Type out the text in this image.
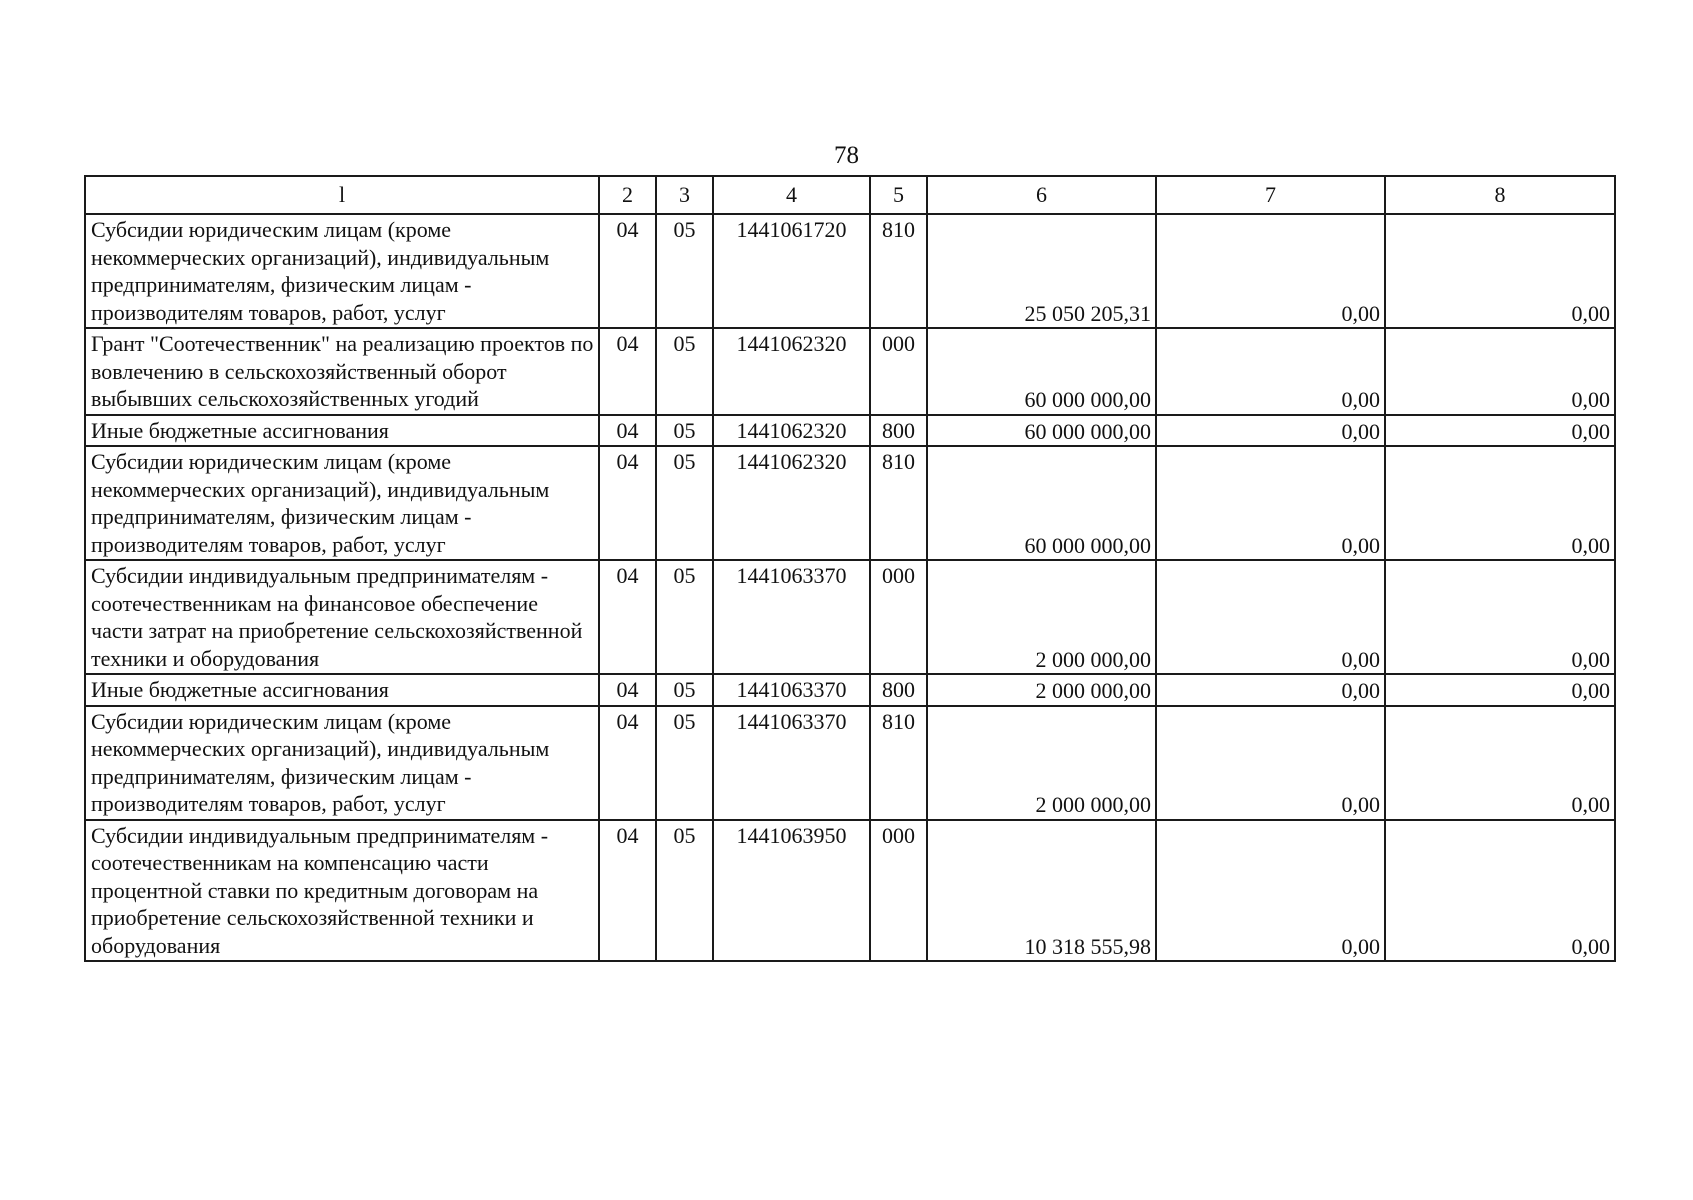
78
l	2	3	4	5	6	7	8
Субсидии юридическим лицам (кроме некоммерческих организаций), индивидуальным предпринимателям, физическим лицам - производителям товаров, работ, услуг	04	05	1441061720	810	25 050 205,31	0,00	0,00
Грант "Соотечественник" на реализацию проектов по вовлечению в сельскохозяйственный оборот выбывших сельскохозяйственных угодий	04	05	1441062320	000	60 000 000,00	0,00	0,00
Иные бюджетные ассигнования	04	05	1441062320	800	60 000 000,00	0,00	0,00
Субсидии юридическим лицам (кроме некоммерческих организаций), индивидуальным предпринимателям, физическим лицам - производителям товаров, работ, услуг	04	05	1441062320	810	60 000 000,00	0,00	0,00
Субсидии индивидуальным предпринимателям - соотечественникам на финансовое обеспечение части затрат на приобретение сельскохозяйственной техники и оборудования	04	05	1441063370	000	2 000 000,00	0,00	0,00
Иные бюджетные ассигнования	04	05	1441063370	800	2 000 000,00	0,00	0,00
Субсидии юридическим лицам (кроме некоммерческих организаций), индивидуальным предпринимателям, физическим лицам - производителям товаров, работ, услуг	04	05	1441063370	810	2 000 000,00	0,00	0,00
Субсидии индивидуальным предпринимателям - соотечественникам на компенсацию части процентной ставки по кредитным договорам на приобретение сельскохозяйственной техники и оборудования	04	05	1441063950	000	10 318 555,98	0,00	0,00
